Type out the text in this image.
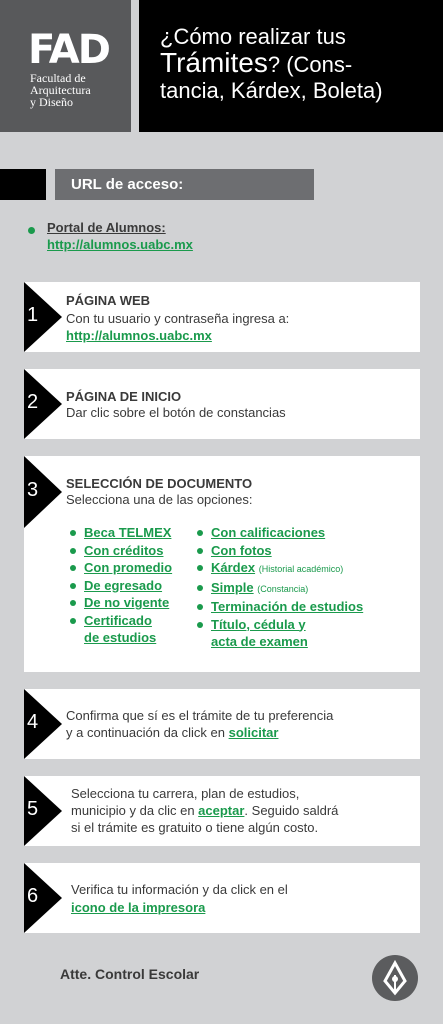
FAD
Facultad de
Arquitectura
y Diseño
¿Cómo realizar tus
Trámites? (Cons-
tancia, Kárdex, Boleta)
URL de acceso:
Portal de Alumnos:
http://alumnos.uabc.mx
1
PÁGINA WEB
Con tu usuario y contraseña ingresa a:
http://alumnos.uabc.mx
2 PÁGINA DE INICIO
Dar clic sobre el botón de constancias
3 SELECCIÓN DE DOCUMENTO
Selecciona una de las opciones:
Beca TELMEX
Con créditos
Con promedio
De egresado
De no vigente
Certificado
de estudios
Con calificaciones
Con fotos
Kárdex (Historial académico)
Simple (Constancia)
Terminación de estudios
Título, cédula y
acta de examen
4 Confirma que sí es el trámite de tu preferencia
y a continuación da click en solicitar
5
Selecciona tu carrera, plan de estudios,
municipio y da clic en aceptar. Seguido saldrá
si el trámite es gratuito o tiene algún costo.
6	Verifica tu información y da click en el
icono de la impresora
Atte. Control Escolar
